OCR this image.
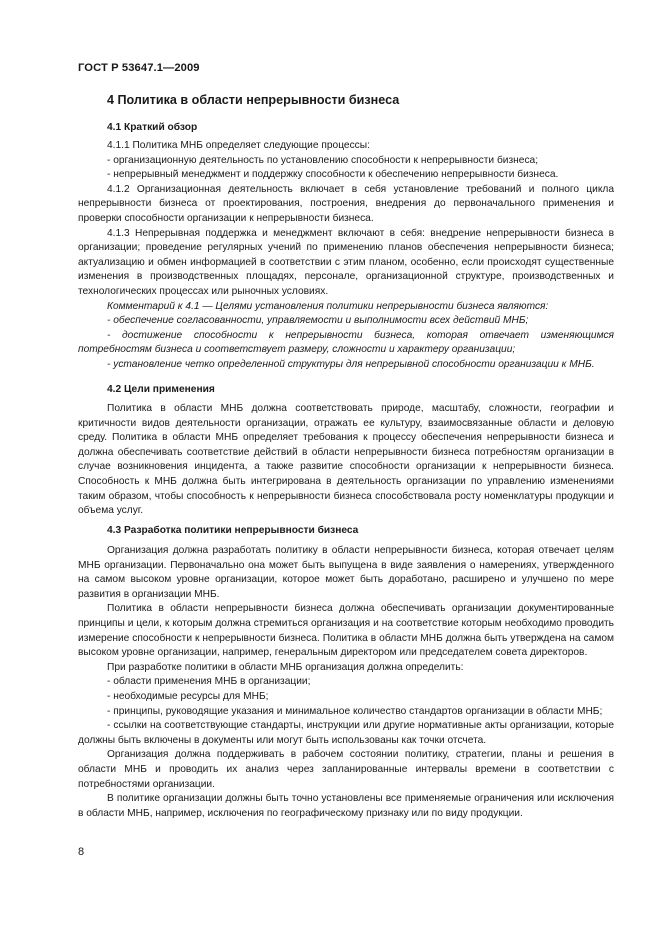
ГОСТ Р 53647.1—2009
4 Политика в области непрерывности бизнеса
4.1 Краткий обзор

4.1.1 Политика МНБ определяет следующие процессы:

- организационную деятельность по установлению способности к непрерывности бизнеса;

- непрерывный менеджмент и поддержку способности к обеспечению непрерывности бизнеса.

4.1.2 Организационная деятельность включает в себя установление требований и полного цикла непрерывности бизнеса от проектирования, построения, внедрения до первоначального применения и проверки способности организации к непрерывности бизнеса.

4.1.3 Непрерывная поддержка и менеджмент включают в себя: внедрение непрерывности бизнеса в организации; проведение регулярных учений по применению планов обеспечения непрерывности бизнеса; актуализацию и обмен информацией в соответствии с этим планом, особенно, если происходят существенные изменения в производственных площадях, персонале, организационной структуре, производственных и технологических процессах или рыночных условиях.

Комментарий к 4.1 — Целями установления политики непрерывности бизнеса являются:

- обеспечение согласованности, управляемости и выполнимости всех действий МНБ;

- достижение способности к непрерывности бизнеса, которая отвечает изменяющимся потребностям бизнеса и соответствует размеру, сложности и характеру организации;

- установление четко определенной структуры для непрерывной способности организации к МНБ.

4.2 Цели применения

Политика в области МНБ должна соответствовать природе, масштабу, сложности, географии и критичности видов деятельности организации, отражать ее культуру, взаимосвязанные области и деловую среду. Политика в области МНБ определяет требования к процессу обеспечения непрерывности бизнеса и должна обеспечивать соответствие действий в области непрерывности бизнеса потребностям организации в случае возникновения инцидента, а также развитие способности организации к непрерывности бизнеса. Способность к МНБ должна быть интегрирована в деятельность организации по управлению изменениями таким образом, чтобы способность к непрерывности бизнеса способствовала росту номенклатуры продукции и объема услуг.

4.3 Разработка политики непрерывности бизнеса

Организация должна разработать политику в области непрерывности бизнеса, которая отвечает целям МНБ организации. Первоначально она может быть выпущена в виде заявления о намерениях, утвержденного на самом высоком уровне организации, которое может быть доработано, расширено и улучшено по мере развития в организации МНБ.

Политика в области непрерывности бизнеса должна обеспечивать организации документированные принципы и цели, к которым должна стремиться организация и на соответствие которым необходимо проводить измерение способности к непрерывности бизнеса. Политика в области МНБ должна быть утверждена на самом высоком уровне организации, например, генеральным директором или председателем совета директоров.

При разработке политики в области МНБ организация должна определить:

- области применения МНБ в организации;

- необходимые ресурсы для МНБ;

- принципы, руководящие указания и минимальное количество стандартов организации в области МНБ;

- ссылки на соответствующие стандарты, инструкции или другие нормативные акты организации, которые должны быть включены в документы или могут быть использованы как точки отсчета.

Организация должна поддерживать в рабочем состоянии политику, стратегии, планы и решения в области МНБ и проводить их анализ через запланированные интервалы времени в соответствии с потребностями организации.

В политике организации должны быть точно установлены все применяемые ограничения или исключения в области МНБ, например, исключения по географическому признаку или по виду продукции.

8
